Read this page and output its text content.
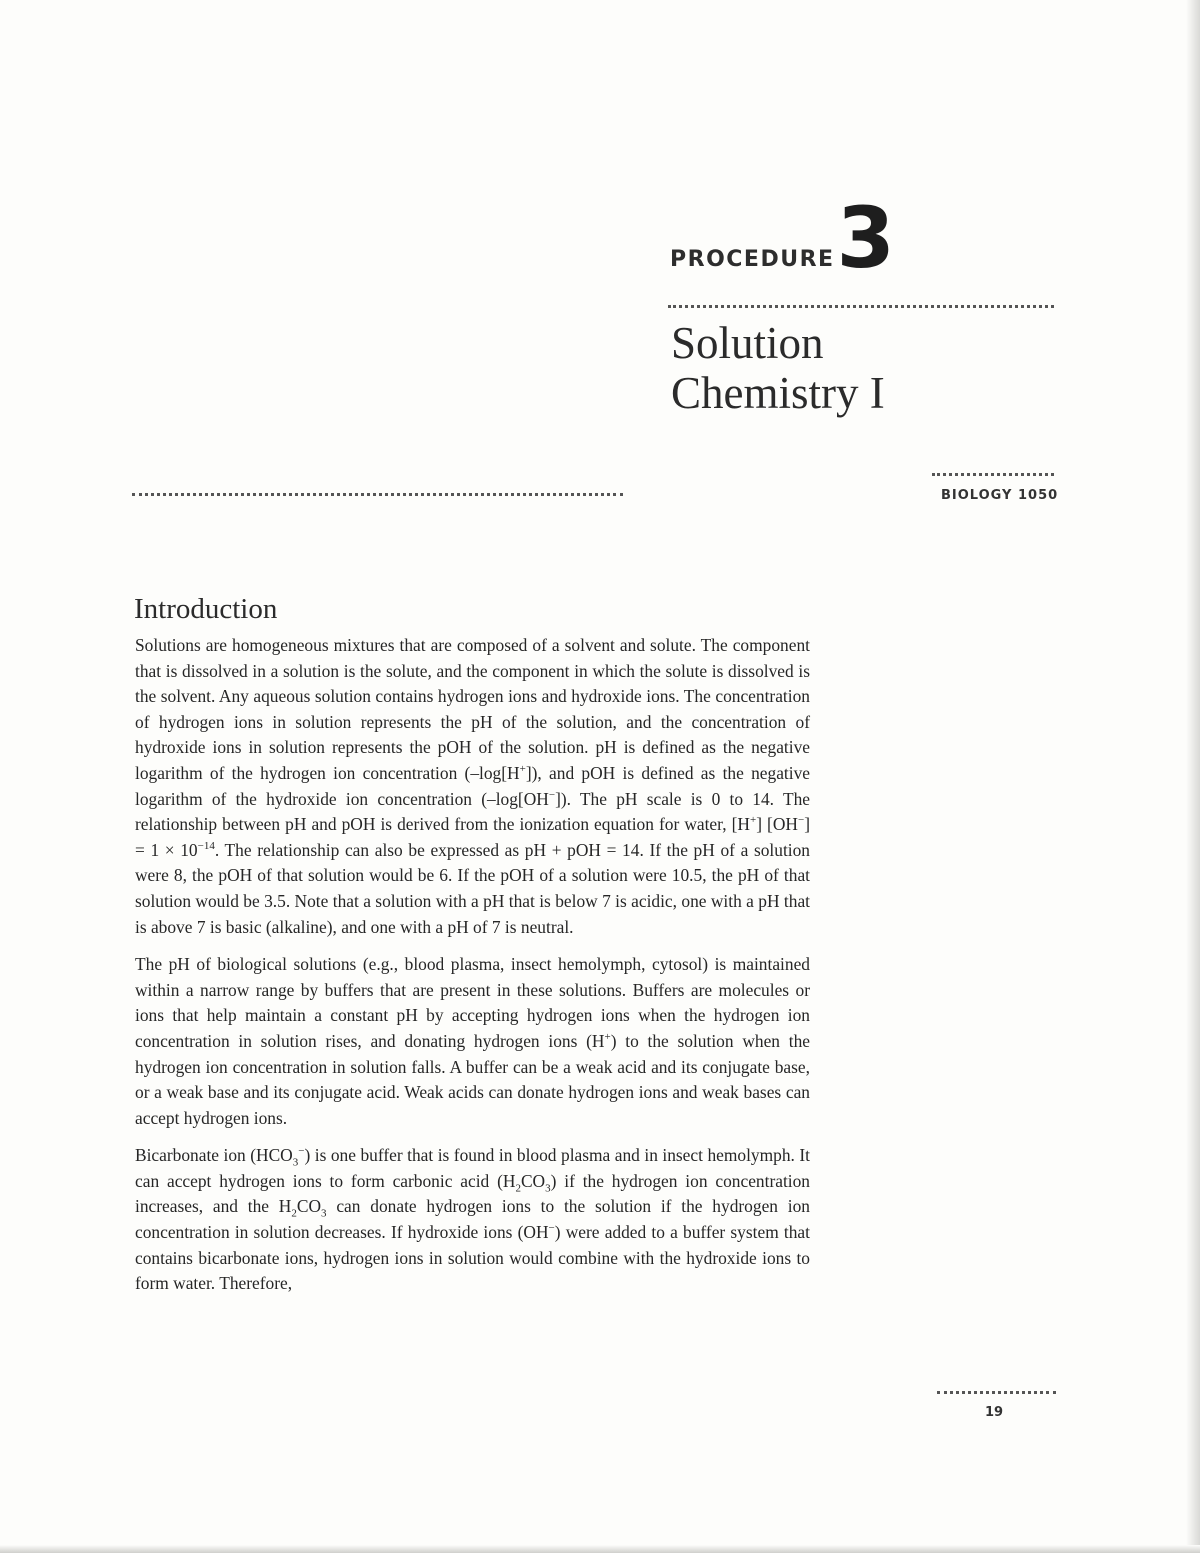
PROCEDURE 3
Solution
Chemistry I
BIOLOGY 1050
Introduction

Solutions are homogeneous mixtures that are composed of a solvent and solute. The component that is dissolved in a solution is the solute, and the component in which the solute is dissolved is the solvent. Any aqueous solution contains hydrogen ions and hydroxide ions. The concentration of hydrogen ions in solution represents the pH of the solution, and the concentration of hydroxide ions in solution represents the pOH of the solution. pH is defined as the negative logarithm of the hydrogen ion concentration (–log[H+]), and pOH is defined as the negative logarithm of the hydroxide ion concentration (–log[OH−]). The pH scale is 0 to 14. The relationship between pH and pOH is derived from the ionization equation for water, [H+] $[OH^-] = 1 \times 10^{-14}$. The relationship can also be expressed as pH + pOH = 14. If the pH of a solution were 8, the pOH of that solution would be 6. If the pOH of a solution were 10.5, the pH of that solution would be 3.5. Note that a solution with a pH that is below 7 is acidic, one with a pH that is above 7 is basic (alkaline), and one with a pH of 7 is neutral.

The pH of biological solutions (e.g., blood plasma, insect hemolymph, cytosol) is maintained within a narrow range by buffers that are present in these solutions. Buffers are molecules or ions that help maintain a constant pH by accepting hydrogen ions when the hydrogen ion concentration in solution rises, and donating hydrogen ions (H+) to the solution when the hydrogen ion concentration in solution falls. A buffer can be a weak acid and its conjugate base, or a weak base and its conjugate acid. Weak acids can donate hydrogen ions and weak bases can accept hydrogen ions.

Bicarbonate ion $(HCO_3^-)$ is one buffer that is found in blood plasma and in insect hemolymph. It can accept hydrogen ions to form carbonic acid $(H_2CO_3)$ if the hydrogen ion concentration increases, and the $H_2CO_3$ can donate hydrogen ions to the solution if the hydrogen ion concentration in solution decreases. If hydroxide ions (OH−) were added to a buffer system that contains bicarbonate ions, hydrogen ions in solution would combine with the hydroxide ions to form water. Therefore,

19
